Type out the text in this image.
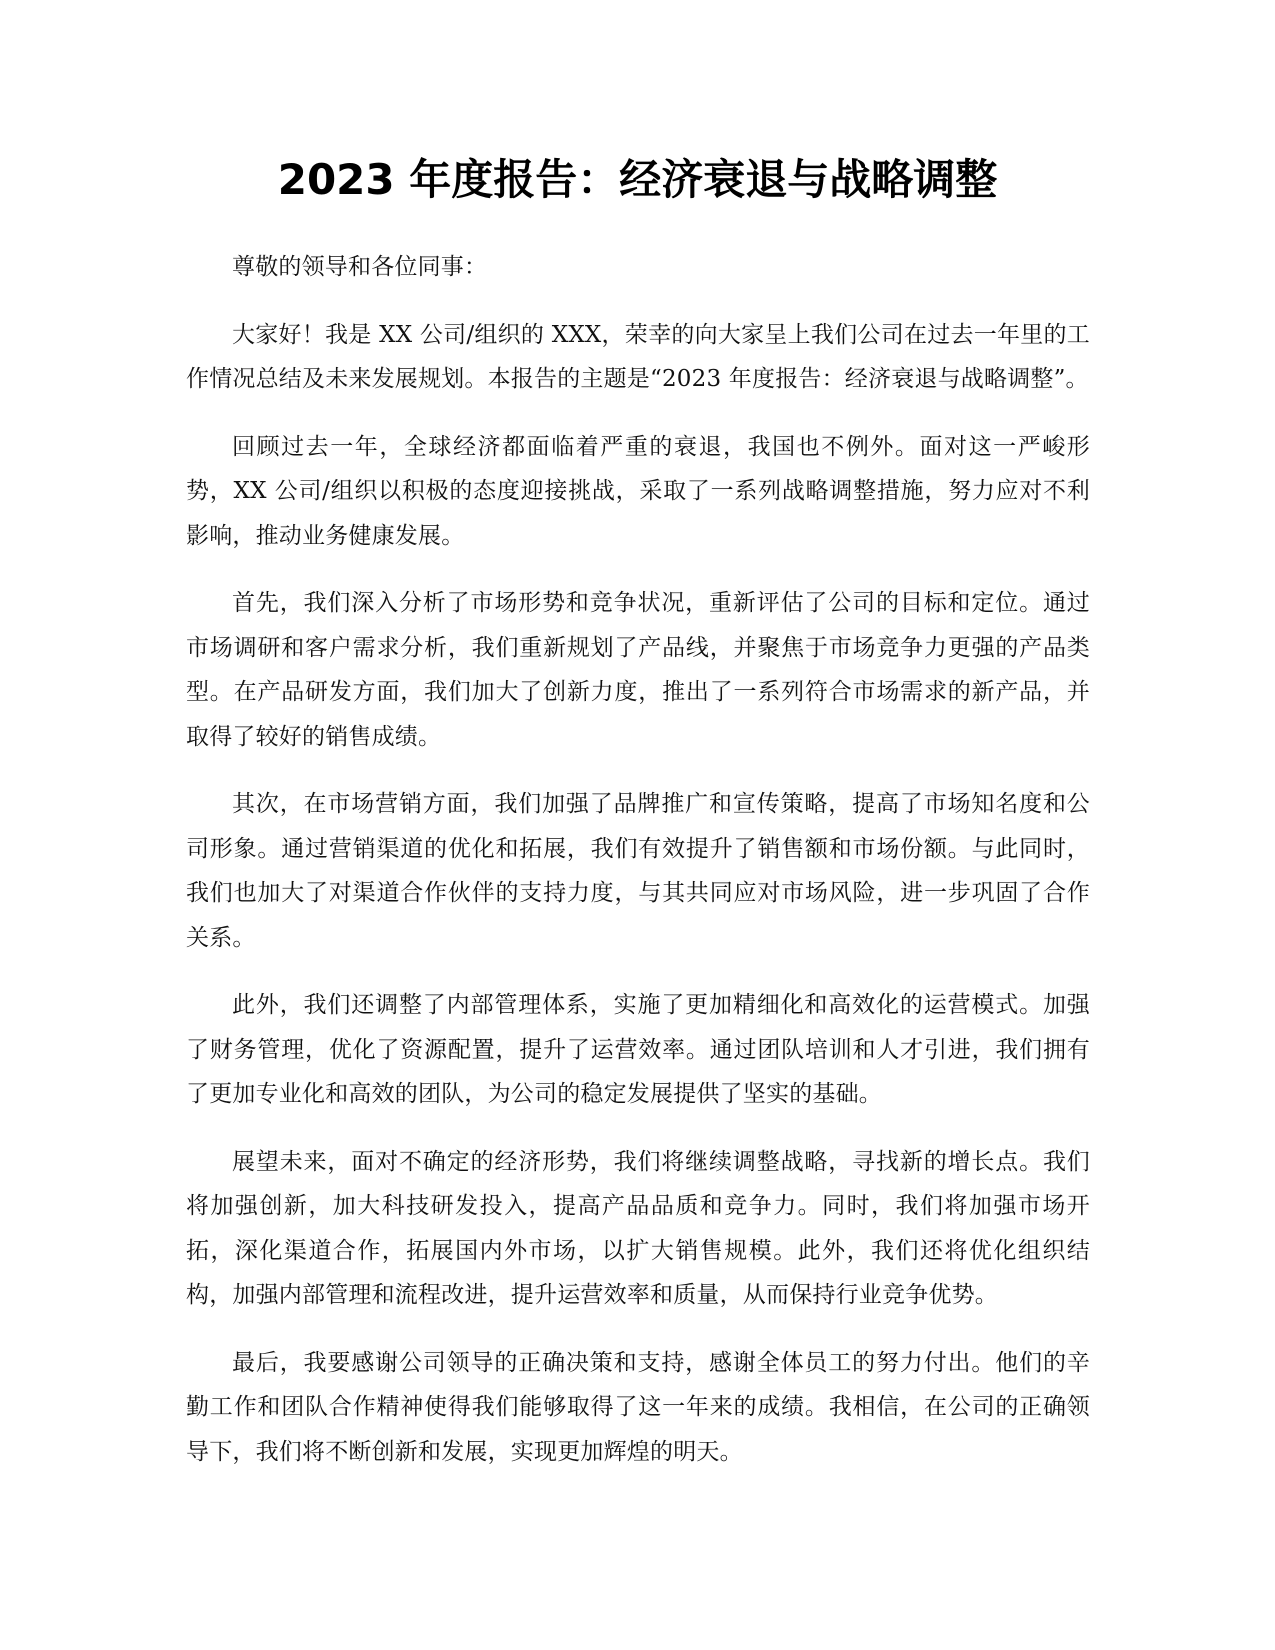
2023 年度报告：经济衰退与战略调整

尊敬的领导和各位同事：

大家好！我是 XX 公司/组织的 XXX，荣幸的向大家呈上我们公司在过去一年里的工作情况总结及未来发展规划。本报告的主题是“2023 年度报告：经济衰退与战略调整”。

回顾过去一年，全球经济都面临着严重的衰退，我国也不例外。面对这一严峻形势，XX 公司/组织以积极的态度迎接挑战，采取了一系列战略调整措施，努力应对不利影响，推动业务健康发展。

首先，我们深入分析了市场形势和竞争状况，重新评估了公司的目标和定位。通过市场调研和客户需求分析，我们重新规划了产品线，并聚焦于市场竞争力更强的产品类型。在产品研发方面，我们加大了创新力度，推出了一系列符合市场需求的新产品，并取得了较好的销售成绩。

其次，在市场营销方面，我们加强了品牌推广和宣传策略，提高了市场知名度和公司形象。通过营销渠道的优化和拓展，我们有效提升了销售额和市场份额。与此同时，我们也加大了对渠道合作伙伴的支持力度，与其共同应对市场风险，进一步巩固了合作关系。

此外，我们还调整了内部管理体系，实施了更加精细化和高效化的运营模式。加强了财务管理，优化了资源配置，提升了运营效率。通过团队培训和人才引进，我们拥有了更加专业化和高效的团队，为公司的稳定发展提供了坚实的基础。

展望未来，面对不确定的经济形势，我们将继续调整战略，寻找新的增长点。我们将加强创新，加大科技研发投入，提高产品品质和竞争力。同时，我们将加强市场开拓，深化渠道合作，拓展国内外市场，以扩大销售规模。此外，我们还将优化组织结构，加强内部管理和流程改进，提升运营效率和质量，从而保持行业竞争优势。

最后，我要感谢公司领导的正确决策和支持，感谢全体员工的努力付出。他们的辛勤工作和团队合作精神使得我们能够取得了这一年来的成绩。我相信，在公司的正确领导下，我们将不断创新和发展，实现更加辉煌的明天。
